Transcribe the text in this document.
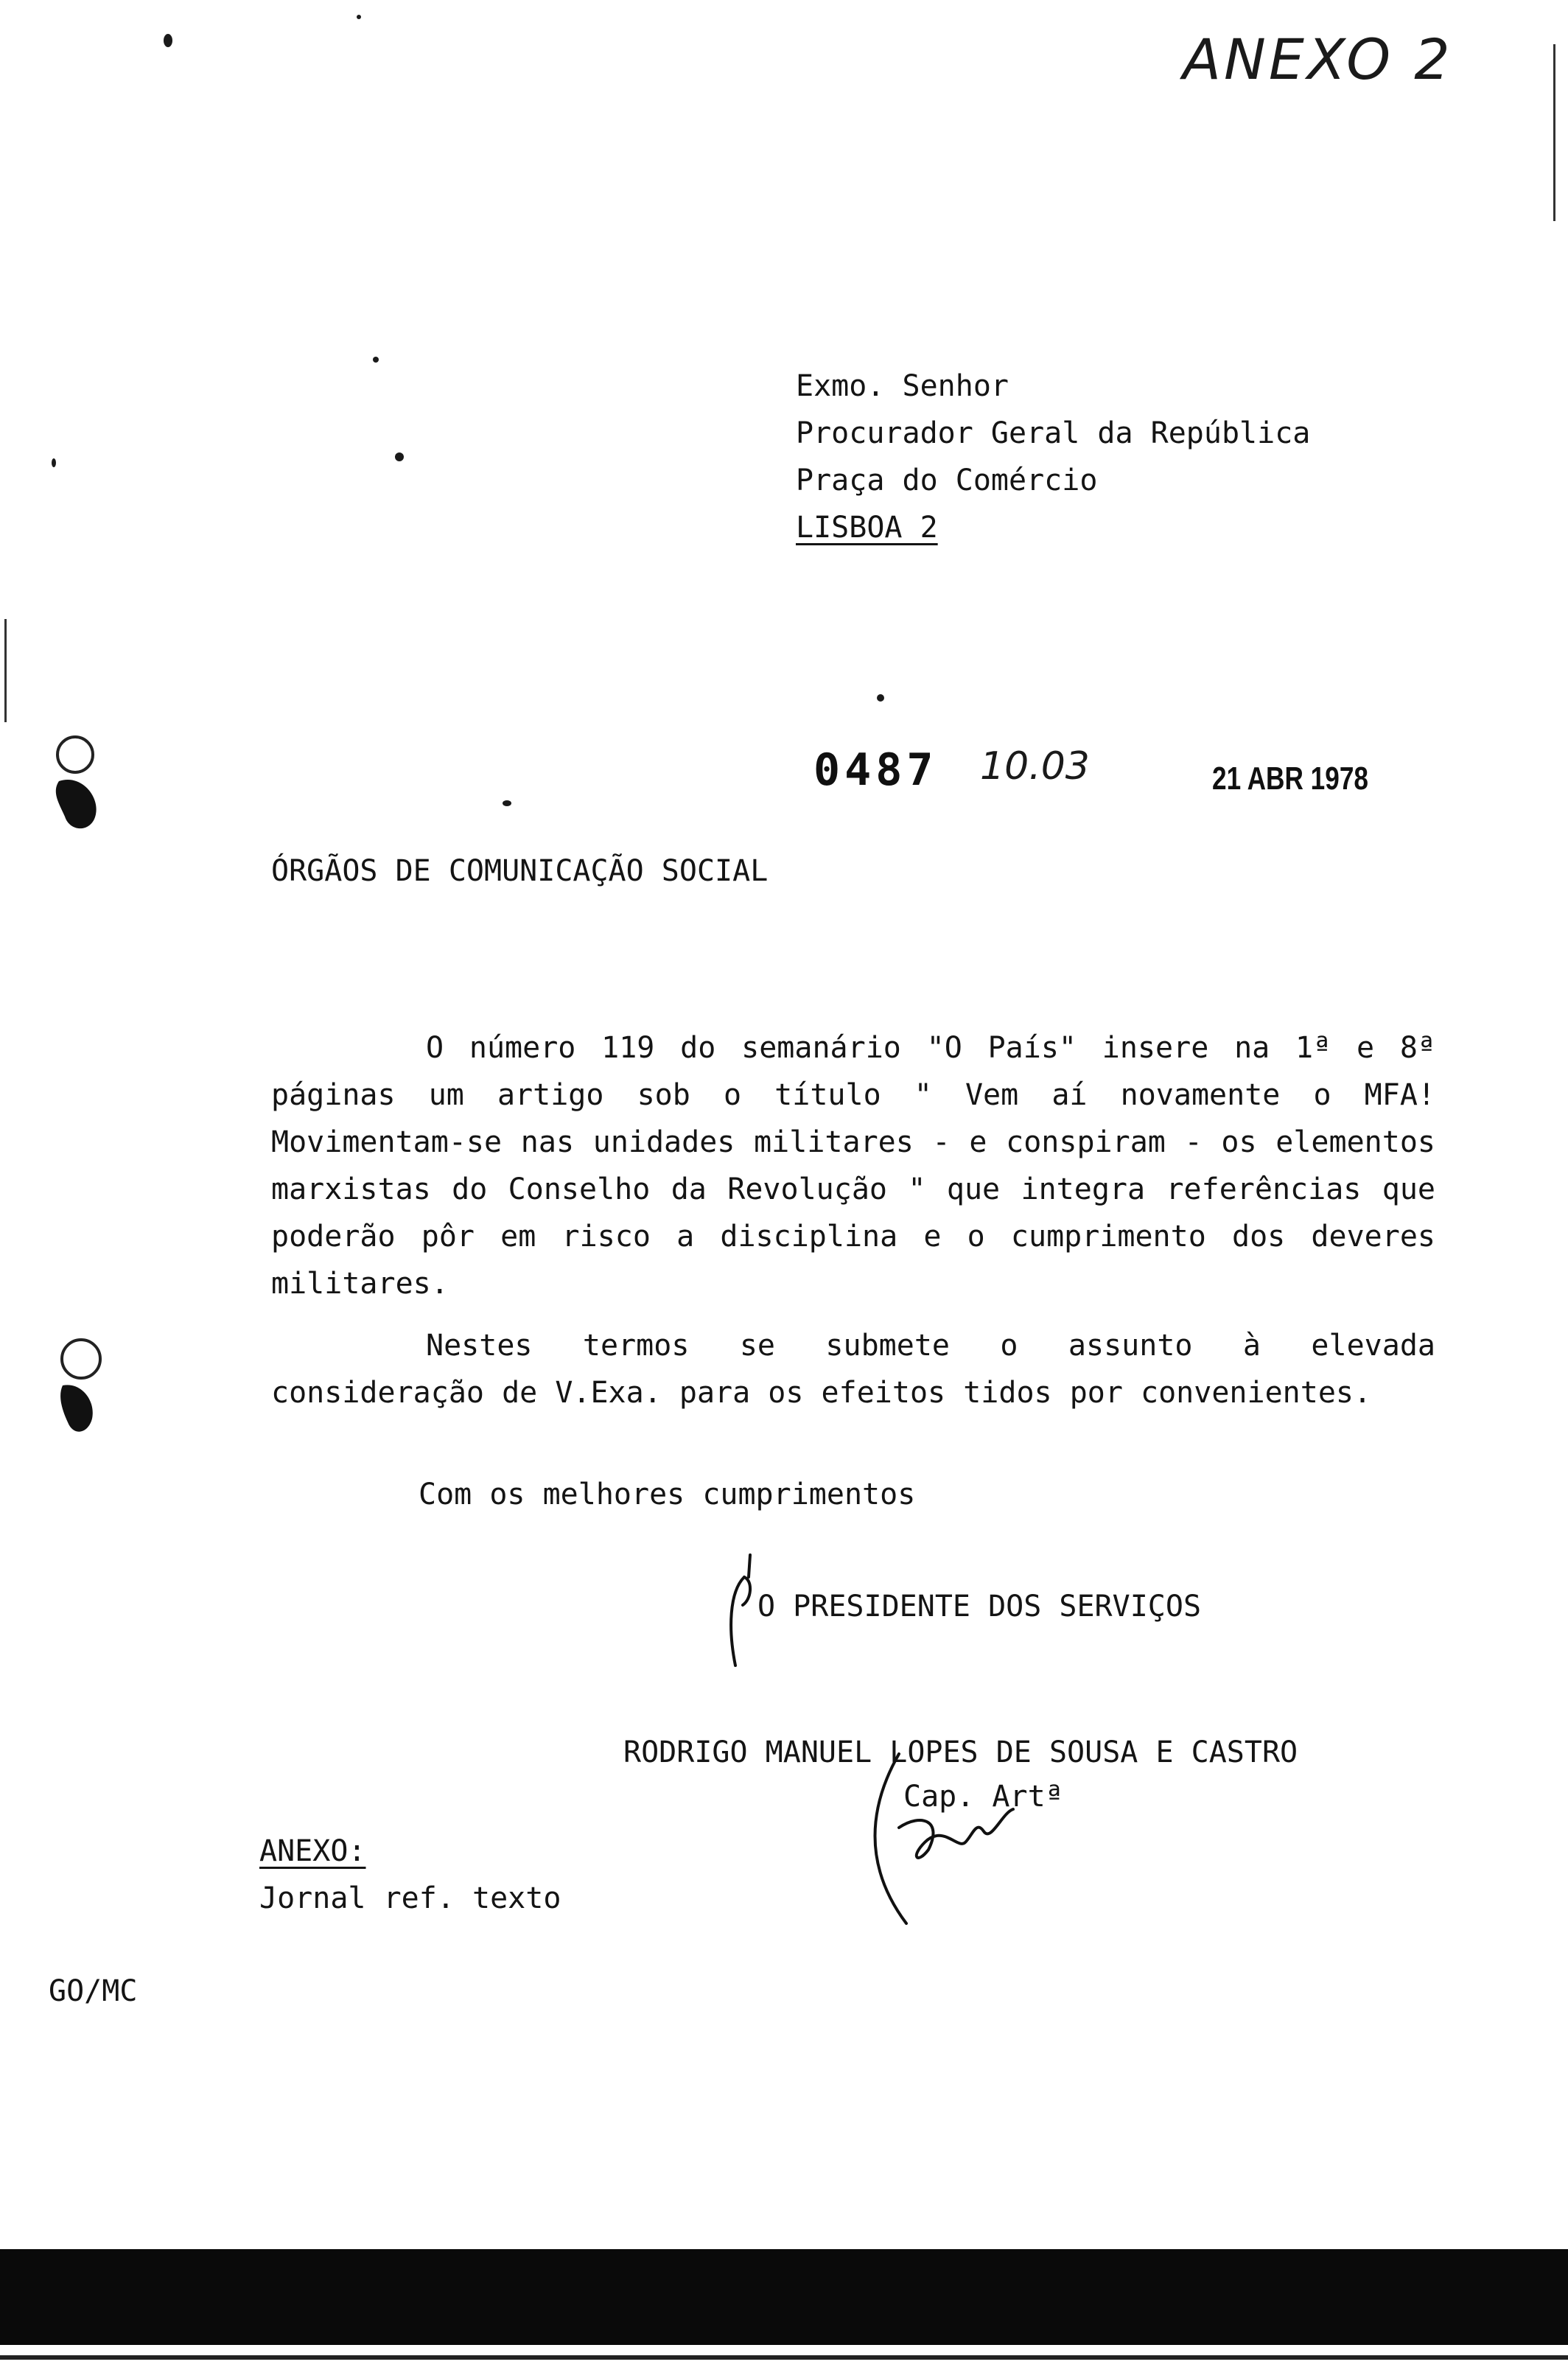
ANEXO 2
Exmo. Senhor
Procurador Geral da República
Praça do Comércio
LISBOA 2
0487 10.03	21 ABR 1978
ÓRGÃOS DE COMUNICAÇÃO SOCIAL

O número 119 do semanário "O País" insere na 1ª e 8ª páginas um artigo sob o título " Vem aí novamente o MFA! Movimentam-se nas unidades militares - e conspiram - os elementos marxistas do Conselho da Revolução " que integra referências que poderão pôr em risco a disciplina e o cumprimento dos deveres militares.

Nestes termos se submete o assunto à elevada consideração de V.Exa. para os efeitos tidos por convenientes.

Com os melhores cumprimentos
O PRESIDENTE DOS SERVIÇOS
RODRIGO MANUEL LOPES DE SOUSA E CASTRO
Cap. Artª
ANEXO:
Jornal ref. texto
GO/MC
